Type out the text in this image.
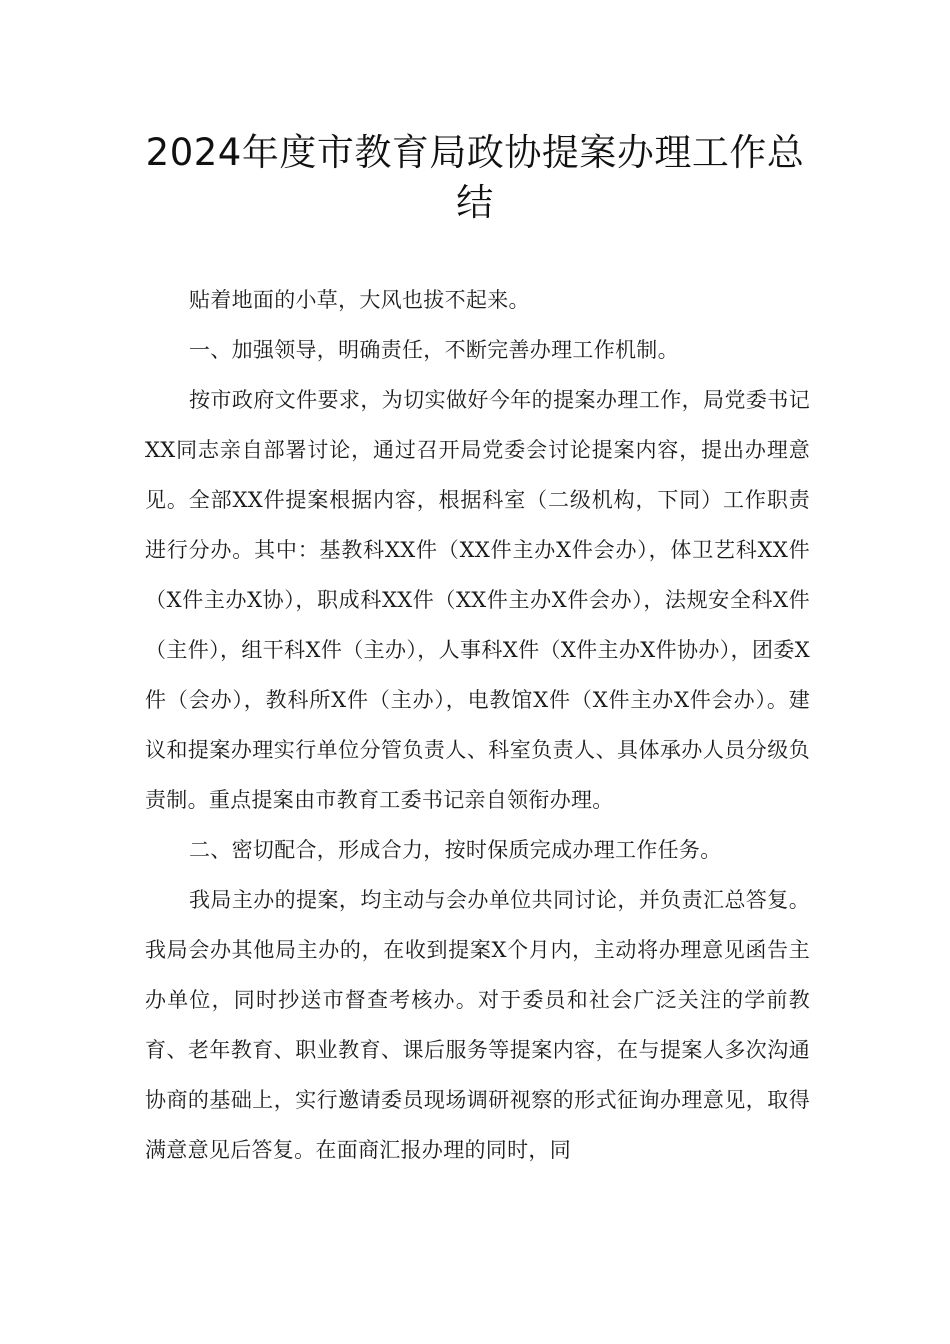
2024年度市教育局政协提案办理工作总结

贴着地面的小草，大风也拔不起来。

一、加强领导，明确责任，不断完善办理工作机制。

按市政府文件要求，为切实做好今年的提案办理工作，局党委书记XX同志亲自部署讨论，通过召开局党委会讨论提案内容，提出办理意见。全部XX件提案根据内容，根据科室（二级机构，下同）工作职责进行分办。其中：基教科XX件（XX件主办X件会办），体卫艺科XX件（X件主办X协），职成科XX件（XX件主办X件会办），法规安全科X件（主件），组干科X件（主办），人事科X件（X件主办X件协办），团委X件（会办），教科所X件（主办），电教馆X件（X件主办X件会办）。建议和提案办理实行单位分管负责人、科室负责人、具体承办人员分级负责制。重点提案由市教育工委书记亲自领衔办理。

二、密切配合，形成合力，按时保质完成办理工作任务。

我局主办的提案，均主动与会办单位共同讨论，并负责汇总答复。我局会办其他局主办的，在收到提案X个月内，主动将办理意见函告主办单位，同时抄送市督查考核办。对于委员和社会广泛关注的学前教育、老年教育、职业教育、课后服务等提案内容，在与提案人多次沟通协商的基础上，实行邀请委员现场调研视察的形式征询办理意见，取得满意意见后答复。在面商汇报办理的同时，同
